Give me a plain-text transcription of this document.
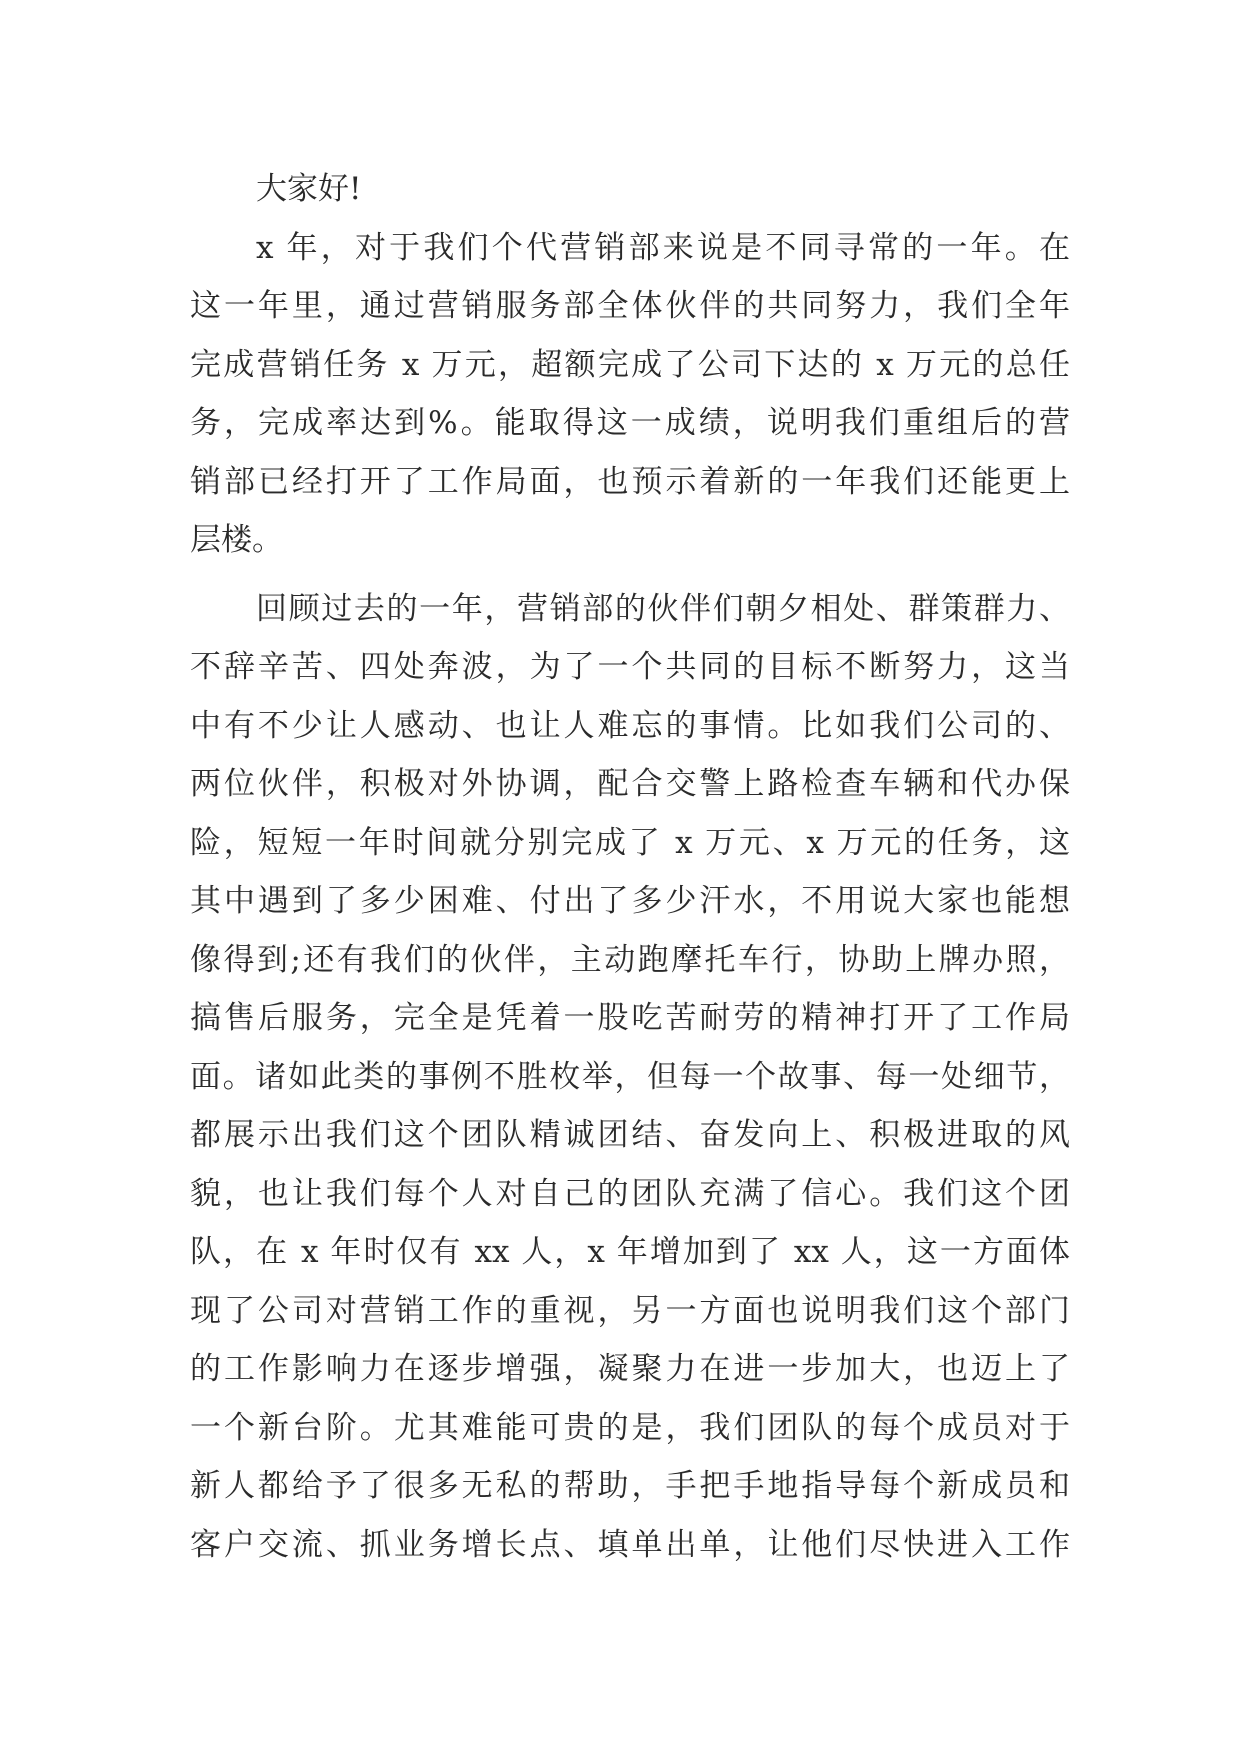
大家好!
x 年，对于我们个代营销部来说是不同寻常的一年。在
这一年里，通过营销服务部全体伙伴的共同努力，我们全年
完成营销任务 x 万元，超额完成了公司下达的 x 万元的总任
务，完成率达到%。能取得这一成绩，说明我们重组后的营
销部已经打开了工作局面，也预示着新的一年我们还能更上
层楼。
回顾过去的一年，营销部的伙伴们朝夕相处、群策群力、
不辞辛苦、四处奔波，为了一个共同的目标不断努力，这当
中有不少让人感动、也让人难忘的事情。比如我们公司的、
两位伙伴，积极对外协调，配合交警上路检查车辆和代办保
险，短短一年时间就分别完成了 x 万元、x 万元的任务，这
其中遇到了多少困难、付出了多少汗水，不用说大家也能想
像得到;还有我们的伙伴，主动跑摩托车行，协助上牌办照，
搞售后服务，完全是凭着一股吃苦耐劳的精神打开了工作局
面。诸如此类的事例不胜枚举，但每一个故事、每一处细节，
都展示出我们这个团队精诚团结、奋发向上、积极进取的风
貌，也让我们每个人对自己的团队充满了信心。我们这个团
队，在 x 年时仅有 xx 人，x 年增加到了 xx 人，这一方面体
现了公司对营销工作的重视，另一方面也说明我们这个部门
的工作影响力在逐步增强，凝聚力在进一步加大，也迈上了
一个新台阶。尤其难能可贵的是，我们团队的每个成员对于
新人都给予了很多无私的帮助，手把手地指导每个新成员和
客户交流、抓业务增长点、填单出单，让他们尽快进入工作
